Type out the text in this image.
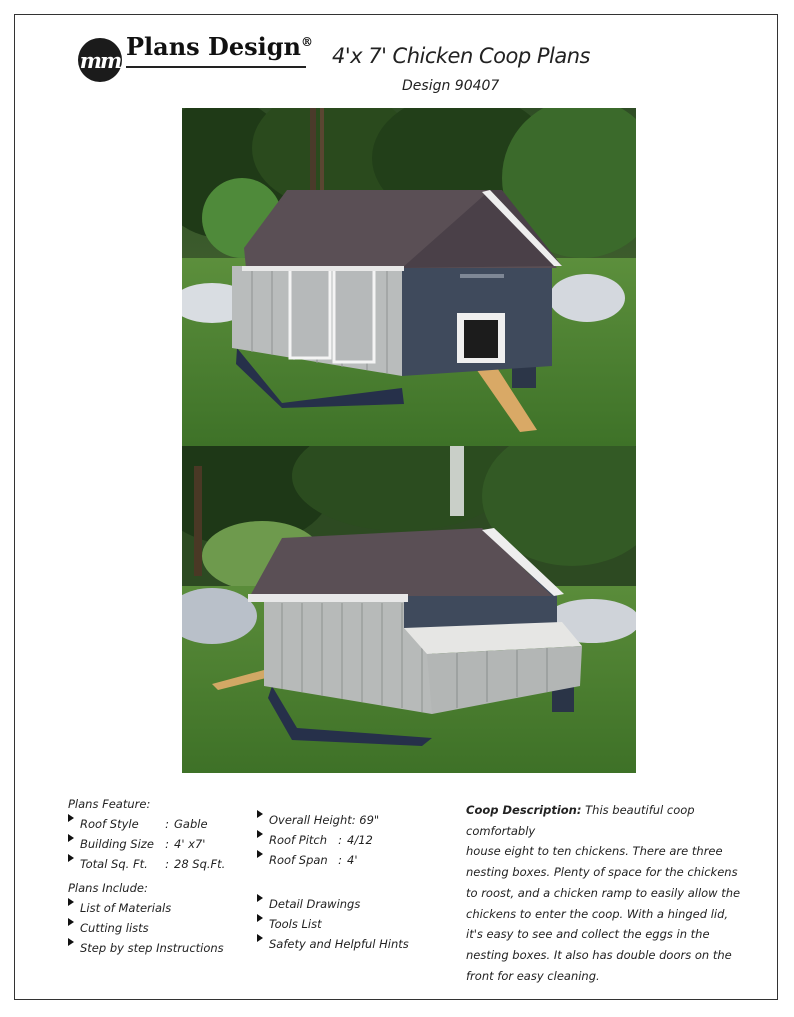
m m Plans Design®
4'x 7' Chicken Coop Plans
Design 90407
Plans Feature:
Roof Style	: Gable
Building Size : 4' x7'
Total Sq. Ft.	: 28 Sq.Ft.
Plans Include:
List of Materials
Cutting lists
Step by step Instructions
Overall Height: 69"
Roof Pitch : 4/12
Roof Span : 4'
Detail Drawings
Tools List
Safety and Helpful Hints
Coop Description: This beautiful coop comfortably
house eight to ten chickens. There are three
nesting boxes. Plenty of space for the chickens
to roost, and a chicken ramp to easily allow the
chickens to enter the coop. With a hinged lid,
it's easy to see and collect the eggs in the
nesting boxes. It also has double doors on the
front for easy cleaning.
